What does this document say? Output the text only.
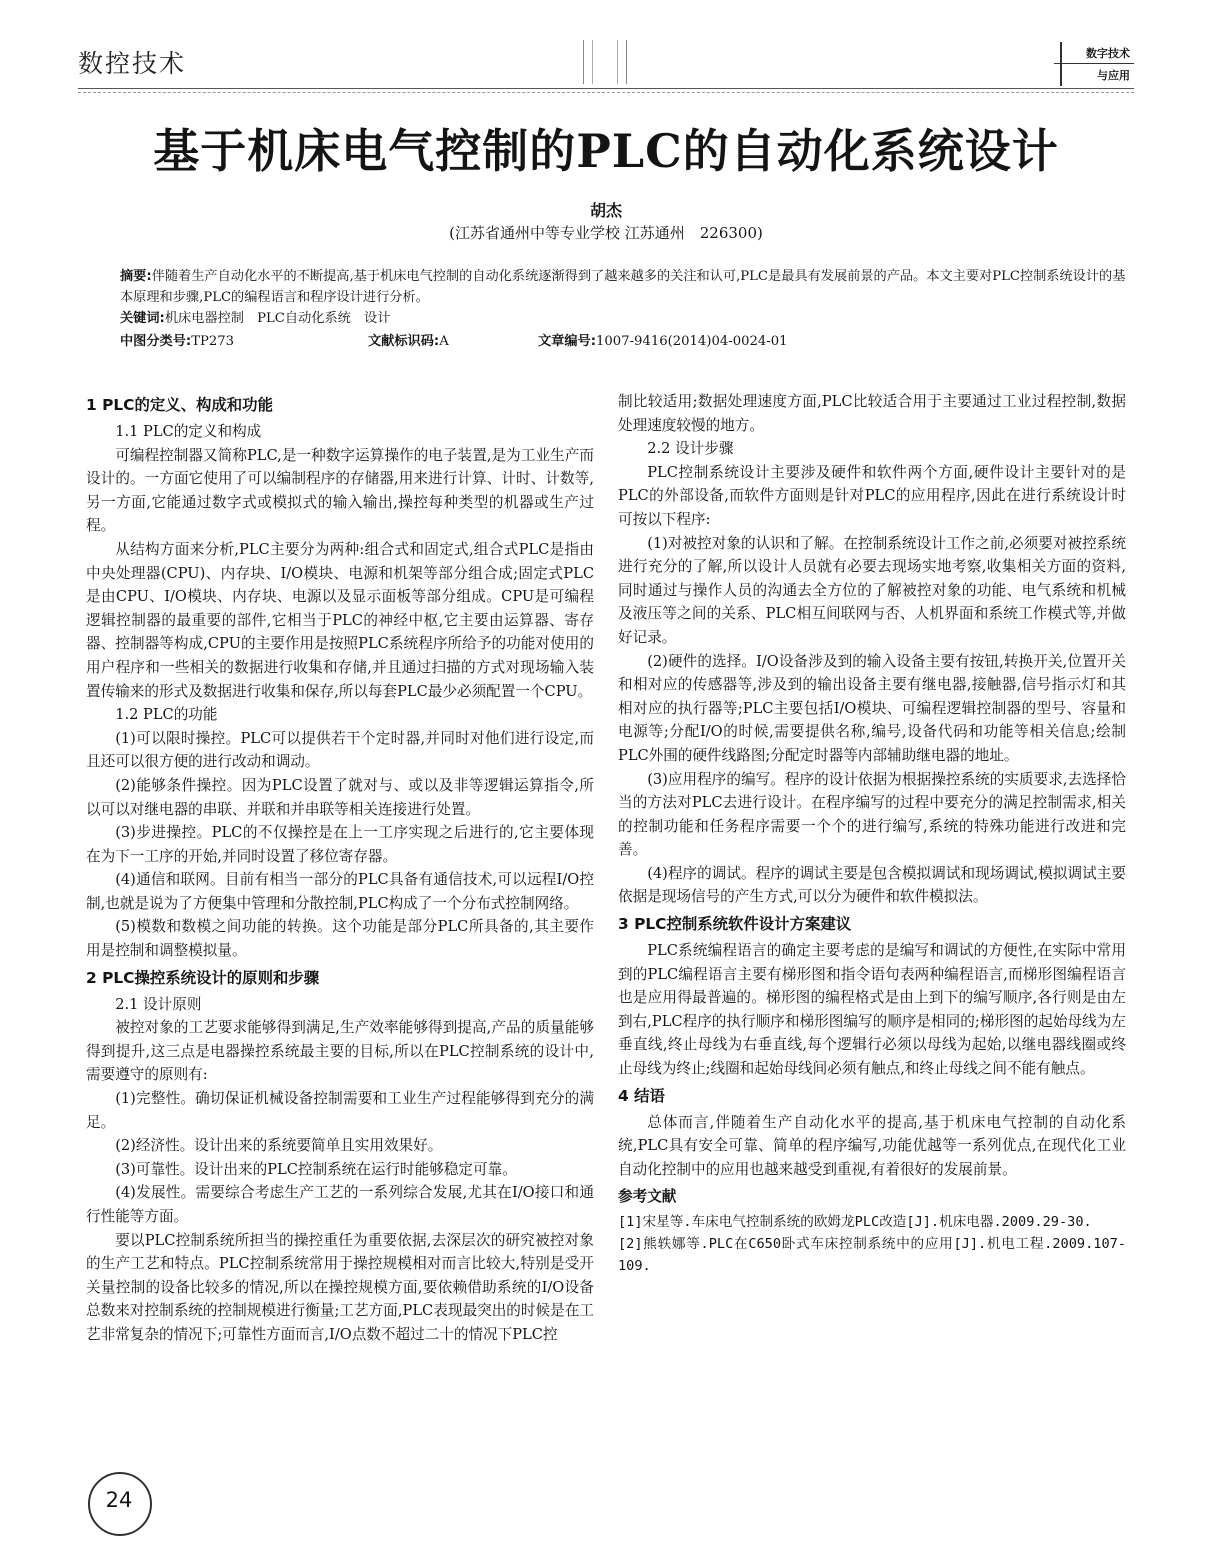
数控技术	数字技术
与应用
基于机床电气控制的PLC的自动化系统设计
胡杰
(江苏省通州中等专业学校 江苏通州　226300)

摘要:伴随着生产自动化水平的不断提高,基于机床电气控制的自动化系统逐渐得到了越来越多的关注和认可,PLC是最具有发展前景的产品。本文主要对PLC控制系统设计的基本原理和步骤,PLC的编程语言和程序设计进行分析。

关键词:机床电器控制　PLC自动化系统　设计

中图分类号:TP273	文献标识码:A	文章编号:1007-9416(2014)04-0024-01
1 PLC的定义、构成和功能
1.1 PLC的定义和构成

可编程控制器又简称PLC,是一种数字运算操作的电子装置,是为工业生产而设计的。一方面它使用了可以编制程序的存储器,用来进行计算、计时、计数等,另一方面,它能通过数字式或模拟式的输入输出,操控每种类型的机器或生产过程。

从结构方面来分析,PLC主要分为两种:组合式和固定式,组合式PLC是指由中央处理器(CPU)、内存块、I/O模块、电源和机架等部分组合成;固定式PLC是由CPU、I/O模块、内存块、电源以及显示面板等部分组成。CPU是可编程逻辑控制器的最重要的部件,它相当于PLC的神经中枢,它主要由运算器、寄存器、控制器等构成,CPU的主要作用是按照PLC系统程序所给予的功能对使用的用户程序和一些相关的数据进行收集和存储,并且通过扫描的方式对现场输入装置传输来的形式及数据进行收集和保存,所以每套PLC最少必须配置一个CPU。

1.2 PLC的功能

(1)可以限时操控。PLC可以提供若干个定时器,并同时对他们进行设定,而且还可以很方便的进行改动和调动。

(2)能够条件操控。因为PLC设置了就对与、或以及非等逻辑运算指令,所以可以对继电器的串联、并联和并串联等相关连接进行处置。

(3)步进操控。PLC的不仅操控是在上一工序实现之后进行的,它主要体现在为下一工序的开始,并同时设置了移位寄存器。

(4)通信和联网。目前有相当一部分的PLC具备有通信技术,可以远程I/O控制,也就是说为了方便集中管理和分散控制,PLC构成了一个分布式控制网络。

(5)模数和数模之间功能的转换。这个功能是部分PLC所具备的,其主要作用是控制和调整模拟量。

2 PLC操控系统设计的原则和步骤
2.1 设计原则

被控对象的工艺要求能够得到满足,生产效率能够得到提高,产品的质量能够得到提升,这三点是电器操控系统最主要的目标,所以在PLC控制系统的设计中,需要遵守的原则有:

(1)完整性。确切保证机械设备控制需要和工业生产过程能够得到充分的满足。

(2)经济性。设计出来的系统要简单且实用效果好。

(3)可靠性。设计出来的PLC控制系统在运行时能够稳定可靠。

(4)发展性。需要综合考虑生产工艺的一系列综合发展,尤其在I/O接口和通行性能等方面。

要以PLC控制系统所担当的操控重任为重要依据,去深层次的研究被控对象的生产工艺和特点。PLC控制系统常用于操控规模相对而言比较大,特别是受开关量控制的设备比较多的情况,所以在操控规模方面,要依赖借助系统的I/O设备总数来对控制系统的控制规模进行衡量;工艺方面,PLC表现最突出的时候是在工艺非常复杂的情况下;可靠性方面而言,I/O点数不超过二十的情况下PLC控

制比较适用;数据处理速度方面,PLC比较适合用于主要通过工业过程控制,数据处理速度较慢的地方。

2.2 设计步骤

PLC控制系统设计主要涉及硬件和软件两个方面,硬件设计主要针对的是PLC的外部设备,而软件方面则是针对PLC的应用程序,因此在进行系统设计时可按以下程序:

(1)对被控对象的认识和了解。在控制系统设计工作之前,必须要对被控系统进行充分的了解,所以设计人员就有必要去现场实地考察,收集相关方面的资料,同时通过与操作人员的沟通去全方位的了解被控对象的功能、电气系统和机械及液压等之间的关系、PLC相互间联网与否、人机界面和系统工作模式等,并做好记录。

(2)硬件的选择。I/O设备涉及到的输入设备主要有按钮,转换开关,位置开关和相对应的传感器等,涉及到的输出设备主要有继电器,接触器,信号指示灯和其相对应的执行器等;PLC主要包括I/O模块、可编程逻辑控制器的型号、容量和电源等;分配I/O的时候,需要提供名称,编号,设备代码和功能等相关信息;绘制PLC外围的硬件线路图;分配定时器等内部辅助继电器的地址。

(3)应用程序的编写。程序的设计依据为根据操控系统的实质要求,去选择恰当的方法对PLC去进行设计。在程序编写的过程中要充分的满足控制需求,相关的控制功能和任务程序需要一个个的进行编写,系统的特殊功能进行改进和完善。

(4)程序的调试。程序的调试主要是包含模拟调试和现场调试,模拟调试主要依据是现场信号的产生方式,可以分为硬件和软件模拟法。

3 PLC控制系统软件设计方案建议

PLC系统编程语言的确定主要考虑的是编写和调试的方便性,在实际中常用到的PLC编程语言主要有梯形图和指令语句表两种编程语言,而梯形图编程语言也是应用得最普遍的。梯形图的编程格式是由上到下的编写顺序,各行则是由左到右,PLC程序的执行顺序和梯形图编写的顺序是相同的;梯形图的起始母线为左垂直线,终止母线为右垂直线,每个逻辑行必须以母线为起始,以继电器线圈或终止母线为终止;线圈和起始母线间必须有触点,和终止母线之间不能有触点。

4 结语

总体而言,伴随着生产自动化水平的提高,基于机床电气控制的自动化系统,PLC具有安全可靠、简单的程序编写,功能优越等一系列优点,在现代化工业自动化控制中的应用也越来越受到重视,有着很好的发展前景。

参考文献

[1]宋星等.车床电气控制系统的欧姆龙PLC改造[J].机床电器.2009.29-30.

[2]熊轶娜等.PLC在C650卧式车床控制系统中的应用[J].机电工程.2009.107-109.

24
